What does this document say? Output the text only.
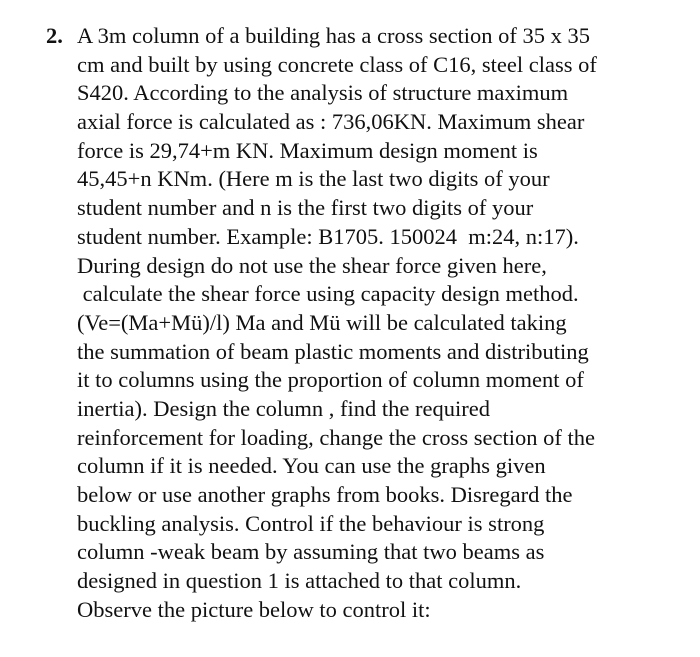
2. A 3m column of a building has a cross section of 35 x 35
cm and built by using concrete class of C16, steel class of
S420. According to the analysis of structure maximum
axial force is calculated as : 736,06KN. Maximum shear
force is 29,74+m KN. Maximum design moment is
45,45+n KNm. (Here m is the last two digits of your
student number and n is the first two digits of your
student number. Example: B1705. 150024  m:24, n:17).
During design do not use the shear force given here,
calculate the shear force using capacity design method.
(Ve=(Ma+Mü)/l) Ma and Mü will be calculated taking
the summation of beam plastic moments and distributing
it to columns using the proportion of column moment of
inertia). Design the column , find the required
reinforcement for loading, change the cross section of the
column if it is needed. You can use the graphs given
below or use another graphs from books. Disregard the
buckling analysis. Control if the behaviour is strong
column -weak beam by assuming that two beams as
designed in question 1 is attached to that column.
Observe the picture below to control it:
